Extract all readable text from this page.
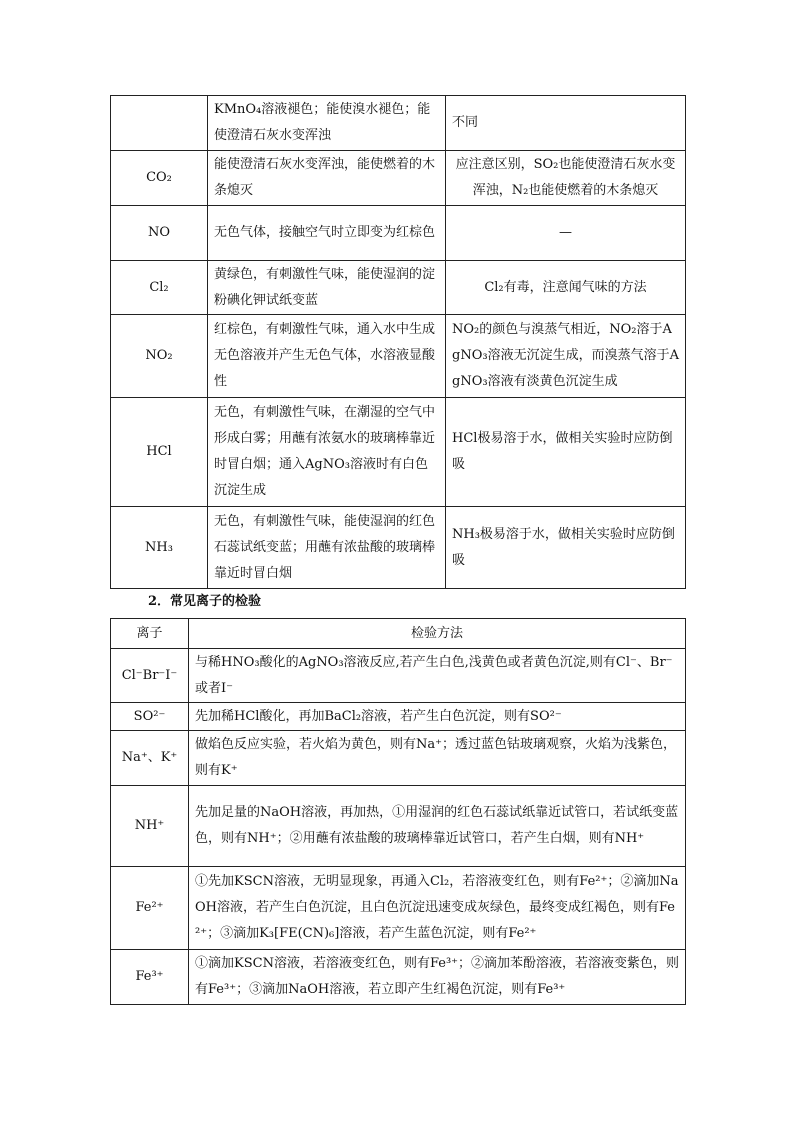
	KMnO₄溶液褪色；能使溴水褪色；能使澄清石灰水变浑浊	不同
CO₂	能使澄清石灰水变浑浊，能使燃着的木条熄灭	应注意区别，SO₂也能使澄清石灰水变浑浊，N₂也能使燃着的木条熄灭
NO	无色气体，接触空气时立即变为红棕色	—
Cl₂	黄绿色，有刺激性气味，能使湿润的淀粉碘化钾试纸变蓝	Cl₂有毒，注意闻气味的方法
NO₂	红棕色，有刺激性气味，通入水中生成无色溶液并产生无色气体，水溶液显酸性	NO₂的颜色与溴蒸气相近，NO₂溶于AgNO₃溶液无沉淀生成，而溴蒸气溶于AgNO₃溶液有淡黄色沉淀生成
HCl	无色，有刺激性气味，在潮湿的空气中形成白雾；用蘸有浓氨水的玻璃棒靠近时冒白烟；通入AgNO₃溶液时有白色沉淀生成	HCl极易溶于水，做相关实验时应防倒吸
NH₃	无色，有刺激性气味，能使湿润的红色石蕊试纸变蓝；用蘸有浓盐酸的玻璃棒靠近时冒白烟	NH₃极易溶于水，做相关实验时应防倒吸
2．常见离子的检验
离子	检验方法
Cl⁻Br⁻I⁻	与稀HNO₃酸化的AgNO₃溶液反应,若产生白色,浅黄色或者黄色沉淀,则有Cl⁻、Br⁻或者I⁻
SO²⁻	先加稀HCl酸化，再加BaCl₂溶液，若产生白色沉淀，则有SO²⁻
Na⁺、K⁺	做焰色反应实验，若火焰为黄色，则有Na⁺；透过蓝色钴玻璃观察，火焰为浅紫色，则有K⁺
NH⁺	先加足量的NaOH溶液，再加热，①用湿润的红色石蕊试纸靠近试管口，若试纸变蓝色，则有NH⁺；②用蘸有浓盐酸的玻璃棒靠近试管口，若产生白烟，则有NH⁺
Fe²⁺	①先加KSCN溶液，无明显现象，再通入Cl₂，若溶液变红色，则有Fe²⁺；②滴加NaOH溶液，若产生白色沉淀，且白色沉淀迅速变成灰绿色，最终变成红褐色，则有Fe²⁺；③滴加K₃[FE(CN)₆]溶液，若产生蓝色沉淀，则有Fe²⁺
Fe³⁺	①滴加KSCN溶液，若溶液变红色，则有Fe³⁺；②滴加苯酚溶液，若溶液变紫色，则有Fe³⁺；③滴加NaOH溶液，若立即产生红褐色沉淀，则有Fe³⁺
